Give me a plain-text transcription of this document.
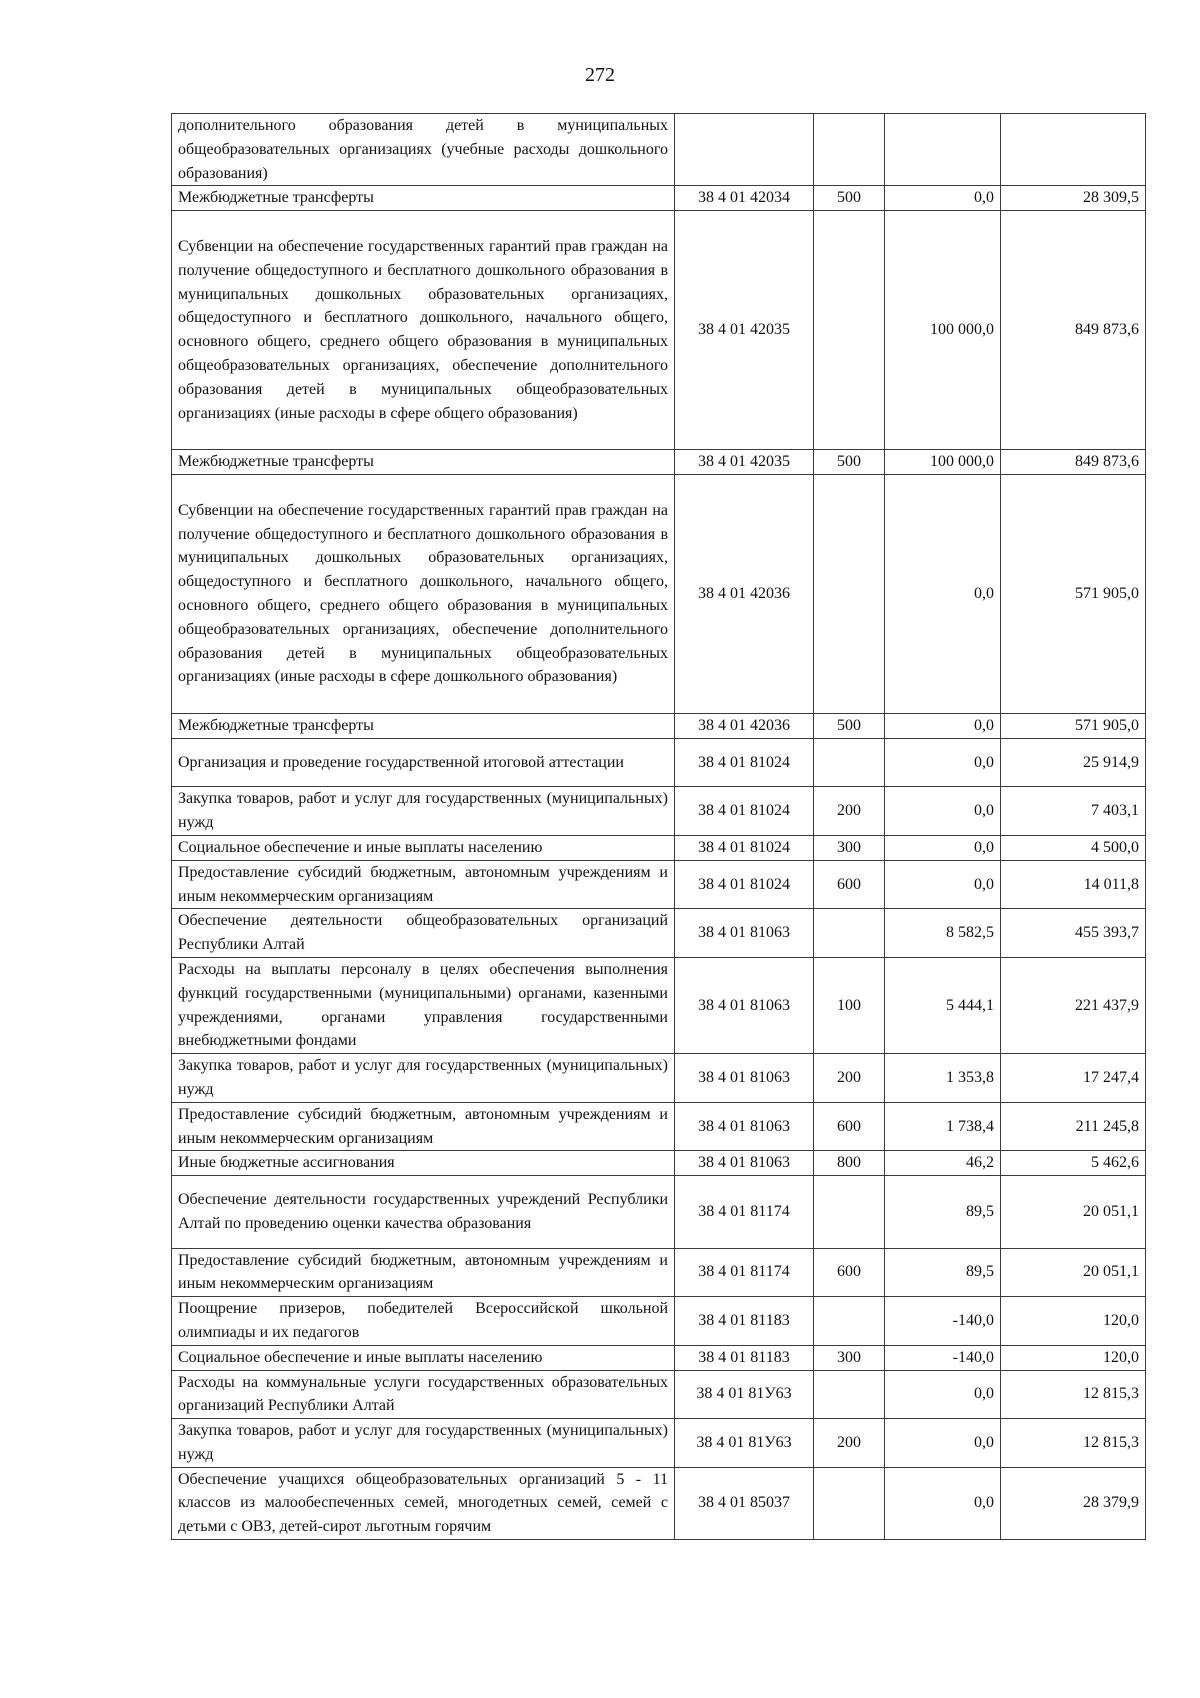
272
дополнительного образования детей в муниципальных общеобразовательных организациях (учебные расходы дошкольного образования)				
Межбюджетные трансферты	38 4 01 42034	500	0,0	28 309,5
Субвенции на обеспечение государственных гарантий прав граждан на получение общедоступного и бесплатного дошкольного образования в муниципальных дошкольных образовательных организациях, общедоступного и бесплатного дошкольного, начального общего, основного общего, среднего общего образования в муниципальных общеобразовательных организациях, обеспечение дополнительного образования детей в муниципальных общеобразовательных организациях (иные расходы в сфере общего образования)	38 4 01 42035		100 000,0	849 873,6
Межбюджетные трансферты	38 4 01 42035	500	100 000,0	849 873,6
Субвенции на обеспечение государственных гарантий прав граждан на получение общедоступного и бесплатного дошкольного образования в муниципальных дошкольных образовательных организациях, общедоступного и бесплатного дошкольного, начального общего, основного общего, среднего общего образования в муниципальных общеобразовательных организациях, обеспечение дополнительного образования детей в муниципальных общеобразовательных организациях (иные расходы в сфере дошкольного образования)	38 4 01 42036		0,0	571 905,0
Межбюджетные трансферты	38 4 01 42036	500	0,0	571 905,0
Организация и проведение государственной итоговой аттестации	38 4 01 81024		0,0	25 914,9
Закупка товаров, работ и услуг для государственных (муниципальных) нужд	38 4 01 81024	200	0,0	7 403,1
Социальное обеспечение и иные выплаты населению	38 4 01 81024	300	0,0	4 500,0
Предоставление субсидий бюджетным, автономным учреждениям и иным некоммерческим организациям	38 4 01 81024	600	0,0	14 011,8
Обеспечение деятельности общеобразовательных организаций Республики Алтай	38 4 01 81063		8 582,5	455 393,7
Расходы на выплаты персоналу в целях обеспечения выполнения функций государственными (муниципальными) органами, казенными учреждениями, органами управления государственными внебюджетными фондами	38 4 01 81063	100	5 444,1	221 437,9
Закупка товаров, работ и услуг для государственных (муниципальных) нужд	38 4 01 81063	200	1 353,8	17 247,4
Предоставление субсидий бюджетным, автономным учреждениям и иным некоммерческим организациям	38 4 01 81063	600	1 738,4	211 245,8
Иные бюджетные ассигнования	38 4 01 81063	800	46,2	5 462,6
Обеспечение деятельности государственных учреждений Республики Алтай по проведению оценки качества образования	38 4 01 81174		89,5	20 051,1
Предоставление субсидий бюджетным, автономным учреждениям и иным некоммерческим организациям	38 4 01 81174	600	89,5	20 051,1
Поощрение призеров, победителей Всероссийской школьной олимпиады и их педагогов	38 4 01 81183		-140,0	120,0
Социальное обеспечение и иные выплаты населению	38 4 01 81183	300	-140,0	120,0
Расходы на коммунальные услуги государственных образовательных организаций Республики Алтай	38 4 01 81У63		0,0	12 815,3
Закупка товаров, работ и услуг для государственных (муниципальных) нужд	38 4 01 81У63	200	0,0	12 815,3
Обеспечение учащихся общеобразовательных организаций 5 - 11 классов из малообеспеченных семей, многодетных семей, семей с детьми с ОВЗ, детей-сирот льготным горячим	38 4 01 85037		0,0	28 379,9
